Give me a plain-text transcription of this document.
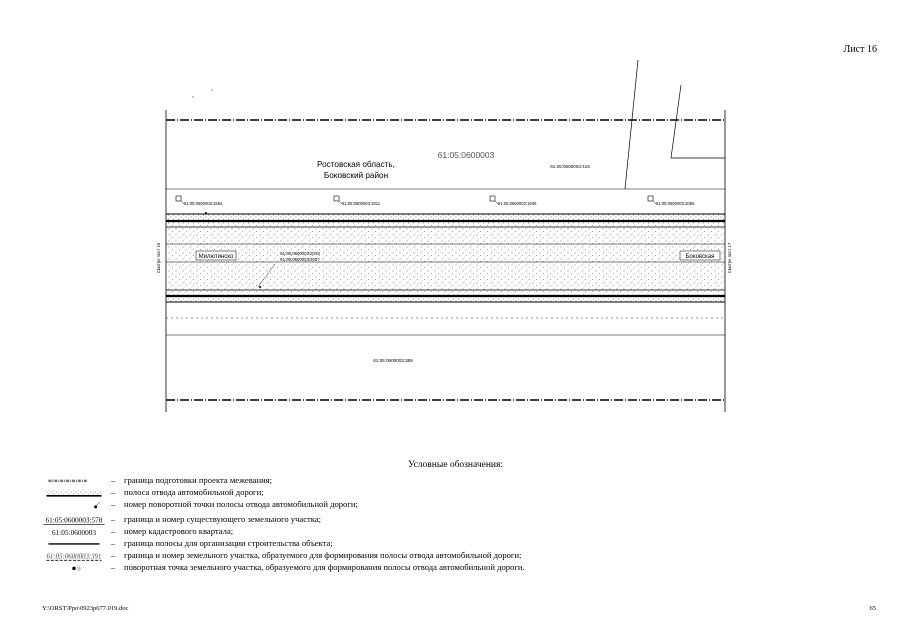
Лист 16
Милютинско	Боковская
Ростовская область,
Боковский район
61:05:0600003
61:05:0600003:416
61:05:0600003:389
61:05:0600003:2019
61:05:0600003:2027
Смотри лист 15	Смотри лист 17
61:05:0600003:1564	61:05:0600003:1911	61:05:0600003:1946	61:05:0600003:2065
Условные обозначения:
– граница подготовки проекта межевания;
– полоса отвода автомобильной дороги;
– номер поворотной точки полосы отвода автомобильной дороги;
61:05:0600003:578 – граница и номер существующего земельного участка;
61:05:0600003 – номер кадастрового квартала;
– граница полосы для организации строительства объекта;
61:05:0600003:391 – граница и номер земельного участка, образуемого для формирования полосы отвода автомобильной дороги;
))	– поворотная точка земельного участка, образуемого для формирования полосы отвода автомобильной дороги.
Y:\ORST\Ppo\0923p677.019.doc	65
